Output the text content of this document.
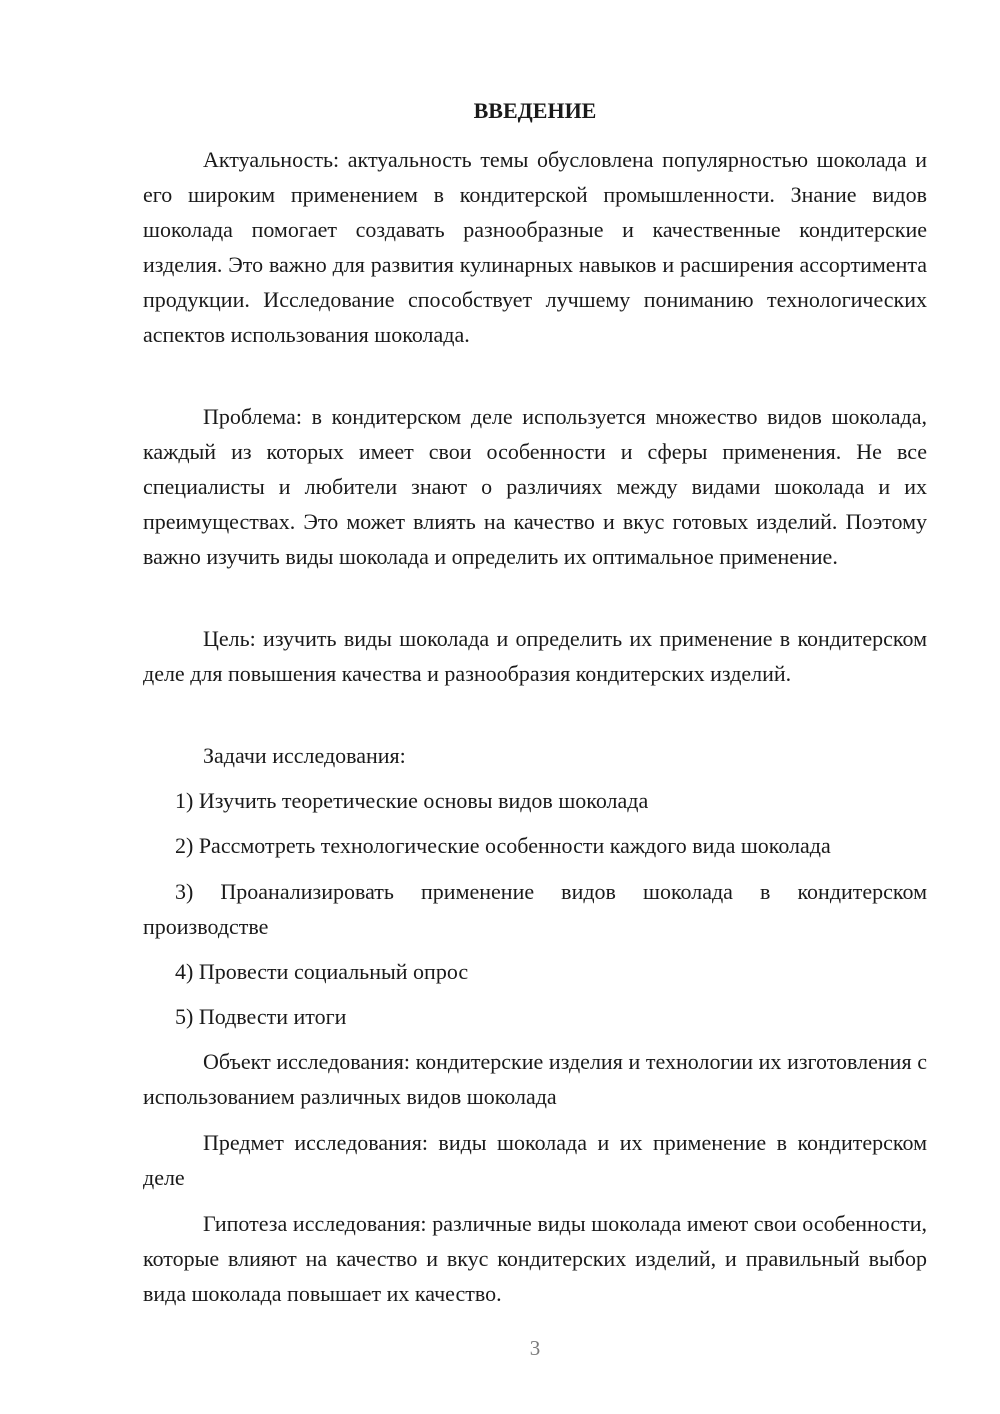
ВВЕДЕНИЕ

Актуальность: актуальность темы обусловлена популярностью шоколада и его широким применением в кондитерской промышленности. Знание видов шоколада помогает создавать разнообразные и качественные кондитерские изделия. Это важно для развития кулинарных навыков и расширения ассортимента продукции. Исследование способствует лучшему пониманию технологических аспектов использования шоколада.

Проблема: в кондитерском деле используется множество видов шоколада, каждый из которых имеет свои особенности и сферы применения. Не все специалисты и любители знают о различиях между видами шоколада и их преимуществах. Это может влиять на качество и вкус готовых изделий. Поэтому важно изучить виды шоколада и определить их оптимальное применение.

Цель: изучить виды шоколада и определить их применение в кондитерском деле для повышения качества и разнообразия кондитерских изделий.

Задачи исследования:

1) Изучить теоретические основы видов шоколада

2) Рассмотреть технологические особенности каждого вида шоколада

3) Проанализировать применение видов шоколада в кондитерском производстве

4) Провести социальный опрос

5) Подвести итоги

Объект исследования: кондитерские изделия и технологии их изготовления с использованием различных видов шоколада

Предмет исследования: виды шоколада и их применение в кондитерском деле

Гипотеза исследования: различные виды шоколада имеют свои особенности, которые влияют на качество и вкус кондитерских изделий, и правильный выбор вида шоколада повышает их качество.

3
